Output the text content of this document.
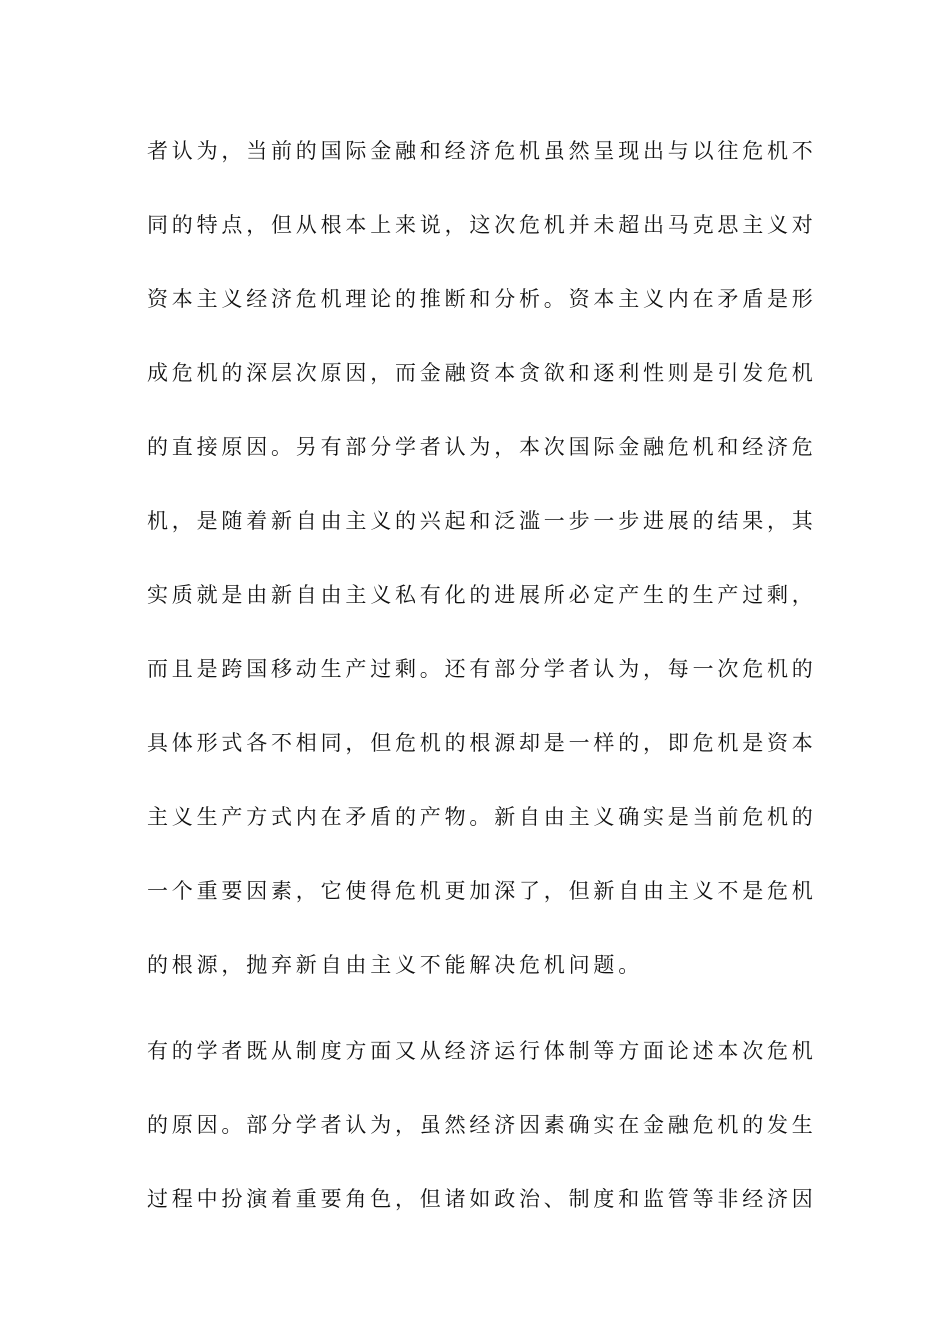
者认为，当前的国际金融和经济危机虽然呈现出与以往危机不
同的特点，但从根本上来说，这次危机并未超出马克思主义对
资本主义经济危机理论的推断和分析。资本主义内在矛盾是形
成危机的深层次原因，而金融资本贪欲和逐利性则是引发危机
的直接原因。另有部分学者认为，本次国际金融危机和经济危
机，是随着新自由主义的兴起和泛滥一步一步进展的结果，其
实质就是由新自由主义私有化的进展所必定产生的生产过剩，
而且是跨国移动生产过剩。还有部分学者认为，每一次危机的
具体形式各不相同，但危机的根源却是一样的，即危机是资本
主义生产方式内在矛盾的产物。新自由主义确实是当前危机的
一个重要因素，它使得危机更加深了，但新自由主义不是危机
的根源，抛弃新自由主义不能解决危机问题。
有的学者既从制度方面又从经济运行体制等方面论述本次危机
的原因。部分学者认为，虽然经济因素确实在金融危机的发生
过程中扮演着重要角色，但诸如政治、制度和监管等非经济因
